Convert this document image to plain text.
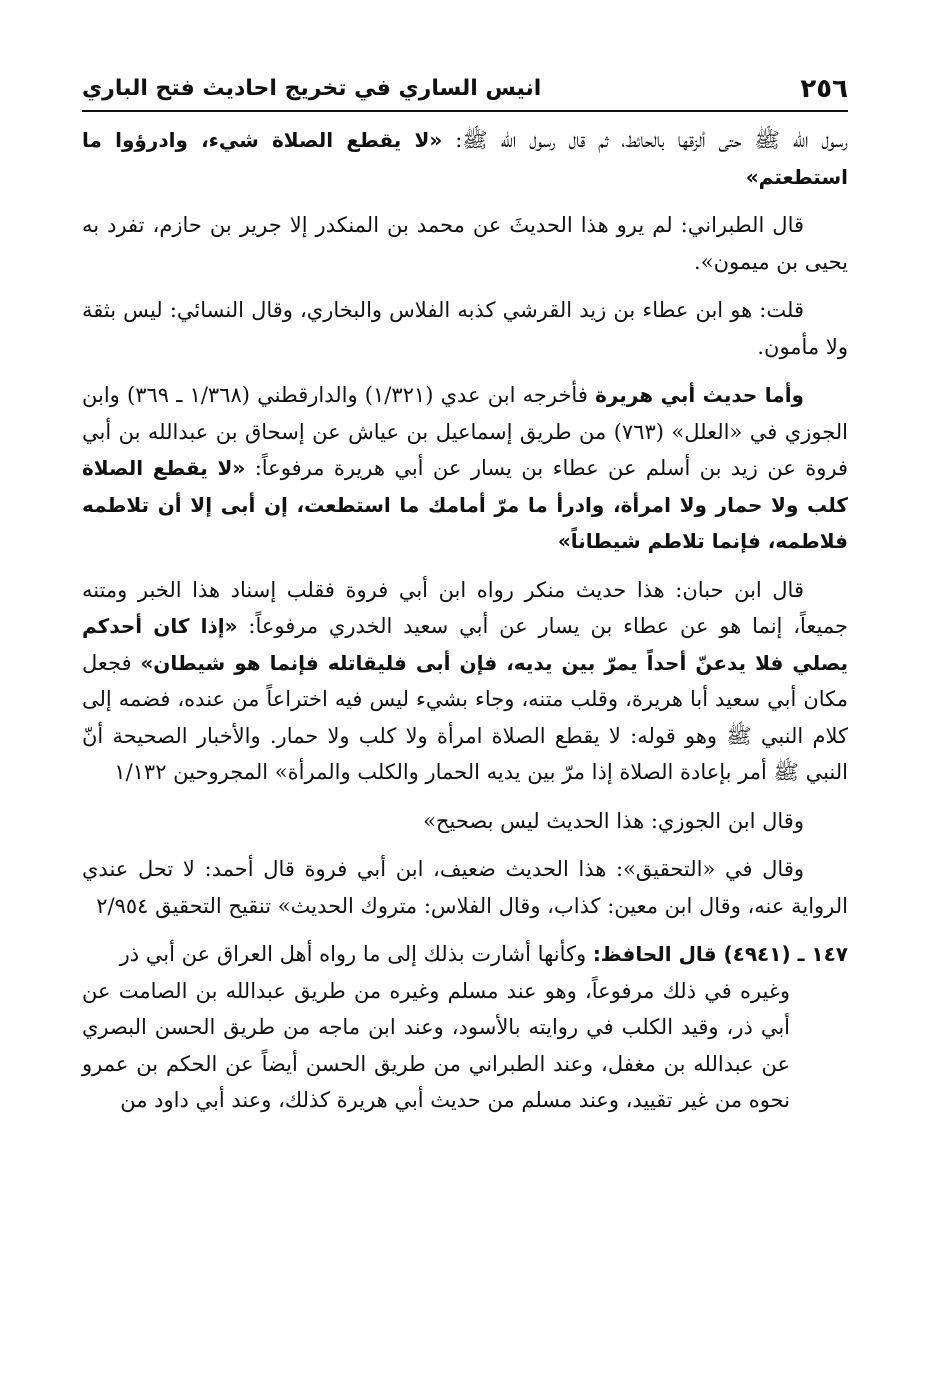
٢٥٦
انيس الساري في تخريج احاديث فتح الباري

رسول الله ﷺ حتى ألزقها بالحائط، ثم قال رسول الله ﷺ: «لا يقطع الصلاة شيء، وادرؤوا ما استطعتم»

قال الطبراني: لم يرو هذا الحديثَ عن محمد بن المنكدر إلا جرير بن حازم، تفرد به يحيى بن ميمون».

قلت: هو ابن عطاء بن زيد القرشي كذبه الفلاس والبخاري، وقال النسائي: ليس بثقة ولا مأمون.

وأما حديث أبي هريرة فأخرجه ابن عدي (١/٣٢١) والدارقطني (١/٣٦٨ ـ ٣٦٩) وابن الجوزي في «العلل» (٧٦٣) من طريق إسماعيل بن عياش عن إسحاق بن عبدالله بن أبي فروة عن زيد بن أسلم عن عطاء بن يسار عن أبي هريرة مرفوعاً: «لا يقطع الصلاة كلب ولا حمار ولا امرأة، وادرأ ما مرّ أمامك ما استطعت، إن أبى إلا أن تلاطمه فلاطمه، فإنما تلاطم شيطاناً»

قال ابن حبان: هذا حديث منكر رواه ابن أبي فروة فقلب إسناد هذا الخبر ومتنه جميعاً، إنما هو عن عطاء بن يسار عن أبي سعيد الخدري مرفوعاً: «إذا كان أحدكم يصلي فلا يدعنّ أحداً يمرّ بين يديه، فإن أبى فليقاتله فإنما هو شيطان» فجعل مكان أبي سعيد أبا هريرة، وقلب متنه، وجاء بشيء ليس فيه اختراعاً من عنده، فضمه إلى كلام النبي ﷺ وهو قوله: لا يقطع الصلاة امرأة ولا كلب ولا حمار. والأخبار الصحيحة أنّ النبي ﷺ أمر بإعادة الصلاة إذا مرّ بين يديه الحمار والكلب والمرأة» المجروحين ١/١٣٢

وقال ابن الجوزي: هذا الحديث ليس بصحيح»

وقال في «التحقيق»: هذا الحديث ضعيف، ابن أبي فروة قال أحمد: لا تحل عندي الرواية عنه، وقال ابن معين: كذاب، وقال الفلاس: متروك الحديث» تنقيح التحقيق ٢/٩٥٤

١٤٧ ـ (٤٩٤١) قال الحافظ: وكأنها أشارت بذلك إلى ما رواه أهل العراق عن أبي ذر

وغيره في ذلك مرفوعاً، وهو عند مسلم وغيره من طريق عبدالله بن الصامت عن أبي ذر، وقيد الكلب في روايته بالأسود، وعند ابن ماجه من طريق الحسن البصري عن عبدالله بن مغفل، وعند الطبراني من طريق الحسن أيضاً عن الحكم بن عمرو نحوه من غير تقييد، وعند مسلم من حديث أبي هريرة كذلك، وعند أبي داود من
